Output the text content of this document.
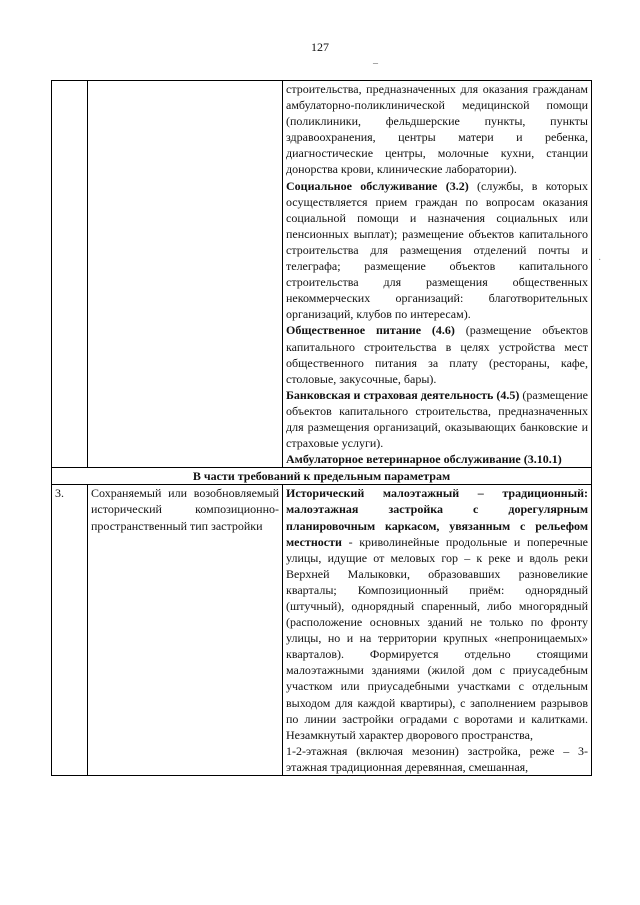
127
–
·

		строительства, предназначенных для оказания гражданам амбулаторно-поликлинической медицинской помощи (поликлиники, фельдшерские пункты, пункты здравоохранения, центры матери и ребенка, диагностические центры, молочные кухни, станции донорства крови, клинические лаборатории).

Социальное обслуживание (3.2) (службы, в которых осуществляется прием граждан по вопросам оказания социальной помощи и назначения социальных или пенсионных выплат); размещение объектов капитального строительства для размещения отделений почты и телеграфа; размещение объектов капитального строительства для размещения общественных некоммерческих организаций: благотворительных организаций, клубов по интересам).

Общественное питание (4.6) (размещение объектов капитального строительства в целях устройства мест общественного питания за плату (рестораны, кафе, столовые, закусочные, бары).

Банковская и страховая деятельность (4.5) (размещение объектов капитального строительства, предназначенных для размещения организаций, оказывающих банковские и страховые услуги).

Амбулаторное ветеринарное обслуживание (3.10.1)

В части требований к предельным параметрам		
3.	Сохраняемый или возобновляемый исторический композиционно-пространственный тип застройки	Исторический малоэтажный – традиционный: малоэтажная застройка с дорегулярным планировочным каркасом, увязанным с рельефом местности - криволинейные продольные и поперечные улицы, идущие от меловых гор – к реке и вдоль реки Верхней Малыковки, образовавших разновеликие кварталы; Композиционный приём: однорядный (штучный), однорядный спаренный, либо многорядный (расположение основных зданий не только по фронту улицы, но и на территории крупных «непроницаемых» кварталов). Формируется отдельно стоящими малоэтажными зданиями (жилой дом с приусадебным участком или приусадебными участками с отдельным выходом для каждой квартиры), с заполнением разрывов по линии застройки оградами с воротами и калитками. Незамкнутый характер дворового пространства,

1-2-этажная (включая мезонин) застройка, реже – 3-этажная традиционная деревянная, смешанная,
